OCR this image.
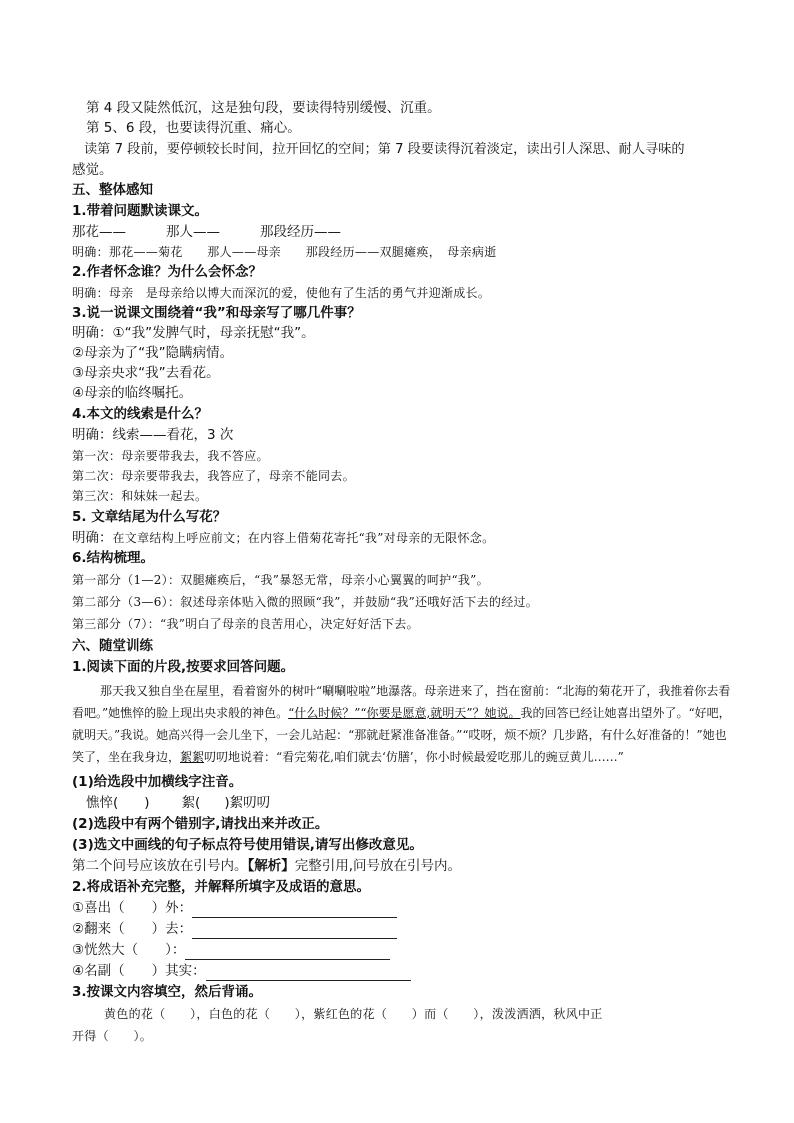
第 4 段又陡然低沉，这是独句段，要读得特别缓慢、沉重。
第 5、6 段，也要读得沉重、痛心。
读第 7 段前，要停顿较长时间，拉开回忆的空间；第 7 段要读得沉着淡定，读出引人深思、耐人寻味的
感觉。
五、整体感知
1.带着问题默读课文。
那花——	那人——	那段经历——
明确：那花——菊花　　那人——母亲　　那段经历——双腿瘫痪，　母亲病逝
2.作者怀念谁？为什么会怀念？
明确：母亲　是母亲给以博大而深沉的爱，使他有了生活的勇气并迎渐成长。
3.说一说课文围绕着“我”和母亲写了哪几件事？
明确：①“我”发脾气时，母亲抚慰“我”。
②母亲为了“我”隐瞒病情。
③母亲央求“我”去看花。
④母亲的临终嘱托。
4.本文的线索是什么？
明确：线索——看花，3 次
第一次：母亲要带我去，我不答应。
第二次：母亲要带我去，我答应了，母亲不能同去。
第三次：和妹妹一起去。
5. 文章结尾为什么写花？
明确：在文章结构上呼应前文；在内容上借菊花寄托“我”对母亲的无限怀念。
6.结构梳理。
第一部分（1—2）：双腿瘫痪后，“我”暴怒无常，母亲小心翼翼的呵护“我”。
第二部分（3—6）：叙述母亲体贴入微的照顾“我”，并鼓励“我”还哦好活下去的经过。
第三部分（7）：“我”明白了母亲的良苦用心，决定好好活下去。
六、随堂训练
1.阅读下面的片段,按要求回答问题。
那天我又独自坐在屋里，看着窗外的树叶“唰唰啦啦”地瀑落。母亲进来了，挡在窗前：“北海的菊花开了，我推着你去看看吧。”她憔悴的脸上现出央求般的神色。“什么时候？”“你要是愿意,就明天”？她说。我的回答已经让她喜出望外了。“好吧，就明天。”我说。她高兴得一会儿坐下，一会儿站起：“那就赶紧准备准备。”“哎呀，烦不烦？几步路，有什么好准备的！”她也笑了，坐在我身边，絮絮叨叨地说着：“看完菊花,咱们就去‘仿膳’，你小时候最爱吃那儿的豌豆黄儿……”
(1)给选段中加横线字注音。
憔悴( ) 絮( )絮叨叨
(2)选段中有两个错别字,请找出来并改正。
(3)选文中画线的句子标点符号使用错误,请写出修改意见。
第二个问号应该放在引号内。【解析】完整引用,问号放在引号内。
2.将成语补充完整，并解释所填字及成语的意思。
①喜出（　　）外：
②翻来（　　）去：
③恍然大（　　）：
④名副（　　）其实：
3.按课文内容填空，然后背诵。
黄色的花（　　），白色的花（　　），紫红色的花（　　）而（　　），泼泼洒洒，秋风中正
开得（　　）。
